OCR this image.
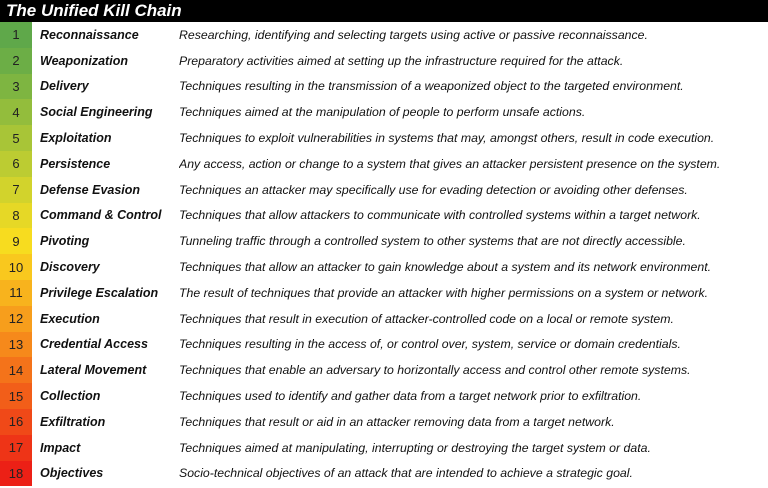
The Unified Kill Chain
1	Reconnaissance	Researching, identifying and selecting targets using active or passive reconnaissance.
2	Weaponization	Preparatory activities aimed at setting up the infrastructure required for the attack.
3	Delivery	Techniques resulting in the transmission of a weaponized object to the targeted environment.
4	Social Engineering	Techniques aimed at the manipulation of people to perform unsafe actions.
5	Exploitation	Techniques to exploit vulnerabilities in systems that may, amongst others, result in code execution.
6	Persistence	Any access, action or change to a system that gives an attacker persistent presence on the system.
7	Defense Evasion	Techniques an attacker may specifically use for evading detection or avoiding other defenses.
8	Command & Control	Techniques that allow attackers to communicate with controlled systems within a target network.
9	Pivoting	Tunneling traffic through a controlled system to other systems that are not directly accessible.
10	Discovery	Techniques that allow an attacker to gain knowledge about a system and its network environment.
11	Privilege Escalation	The result of techniques that provide an attacker with higher permissions on a system or network.
12	Execution	Techniques that result in execution of attacker-controlled code on a local or remote system.
13	Credential Access	Techniques resulting in the access of, or control over, system, service or domain credentials.
14	Lateral Movement	Techniques that enable an adversary to horizontally access and control other remote systems.
15	Collection	Techniques used to identify and gather data from a target network prior to exfiltration.
16	Exfiltration	Techniques that result or aid in an attacker removing data from a target network.
17	Impact	Techniques aimed at manipulating, interrupting or destroying the target system or data.
18	Objectives	Socio-technical objectives of an attack that are intended to achieve a strategic goal.
